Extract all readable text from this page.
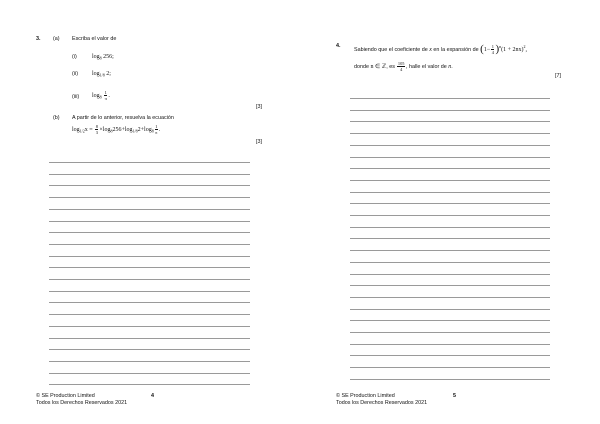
3. (a) Escriba el valor de
(i)	$\log_8 256$;
(ii) $\log_{1/8} 2$;
(iii) $\log_8 \frac{1}{\pi}$ .
[3]
(b) A partir de lo anterior, resuelva la ecuación
$\log_{1/2}x = \frac{8}{3} \times\log_8256+\log_{1/8}2+\log_8 \frac{1}{\pi}$ .
[3]
© SE Production Limited
Todos los Derechos Reservados 2021
4
4.
Sabiendo que el coeficiente de x en la expansión de $(1- \frac{1}{4} )^n(1 + 2nx)^2$,
donde n ∈ ℤ, es $\frac{105}{4}$ , halle el valor de n.
[7]
© SE Production Limited
Todos los Derechos Reservados 2021
5
